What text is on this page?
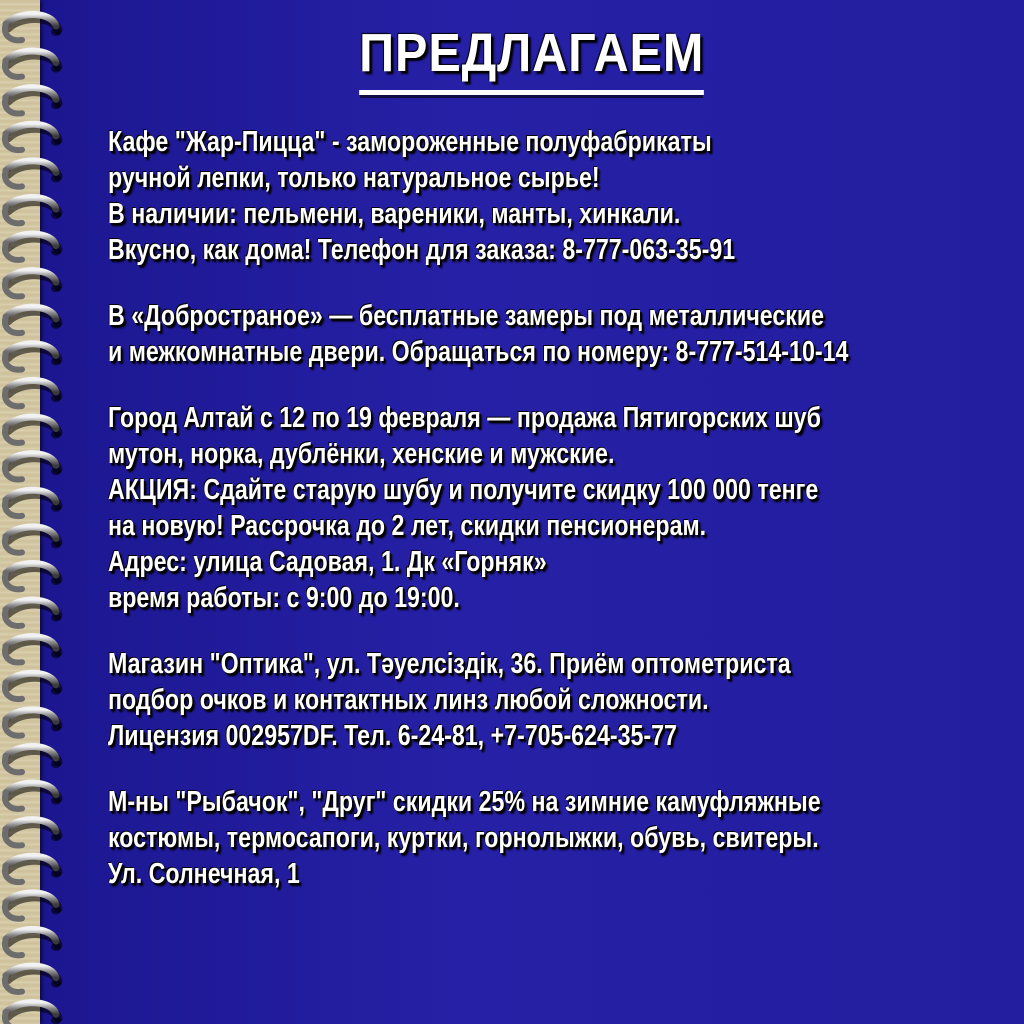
ПРЕДЛАГАЕМ
Кафе "Жар-Пицца" - замороженные полуфабрикаты
ручной лепки, только натуральное сырье!
В наличии: пельмени, вареники, манты, хинкали.
Вкусно, как дома! Телефон для заказа: 8-777-063-35-91
В «Добространое» — бесплатные замеры под металлические
и межкомнатные двери. Обращаться по номеру: 8-777-514-10-14
Город Алтай с 12 по 19 февраля — продажа Пятигорских шуб
мутон, норка, дублёнки, хенские и мужские.
АКЦИЯ: Сдайте старую шубу и получите скидку 100 000 тенге
на новую! Рассрочка до 2 лет, скидки пенсионерам.
Адрес: улица Садовая, 1. Дк «Горняк»
время работы: с 9:00 до 19:00.
Магазин "Оптика", ул. Тәуелсіздік, 36. Приём оптометриста
подбор очков и контактных линз любой сложности.
Лицензия 002957DF. Тел. 6-24-81, +7-705-624-35-77
М-ны "Рыбачок", "Друг" скидки 25% на зимние камуфляжные
костюмы, термосапоги, куртки, горнолыжки, обувь, свитеры.
Ул. Солнечная, 1
